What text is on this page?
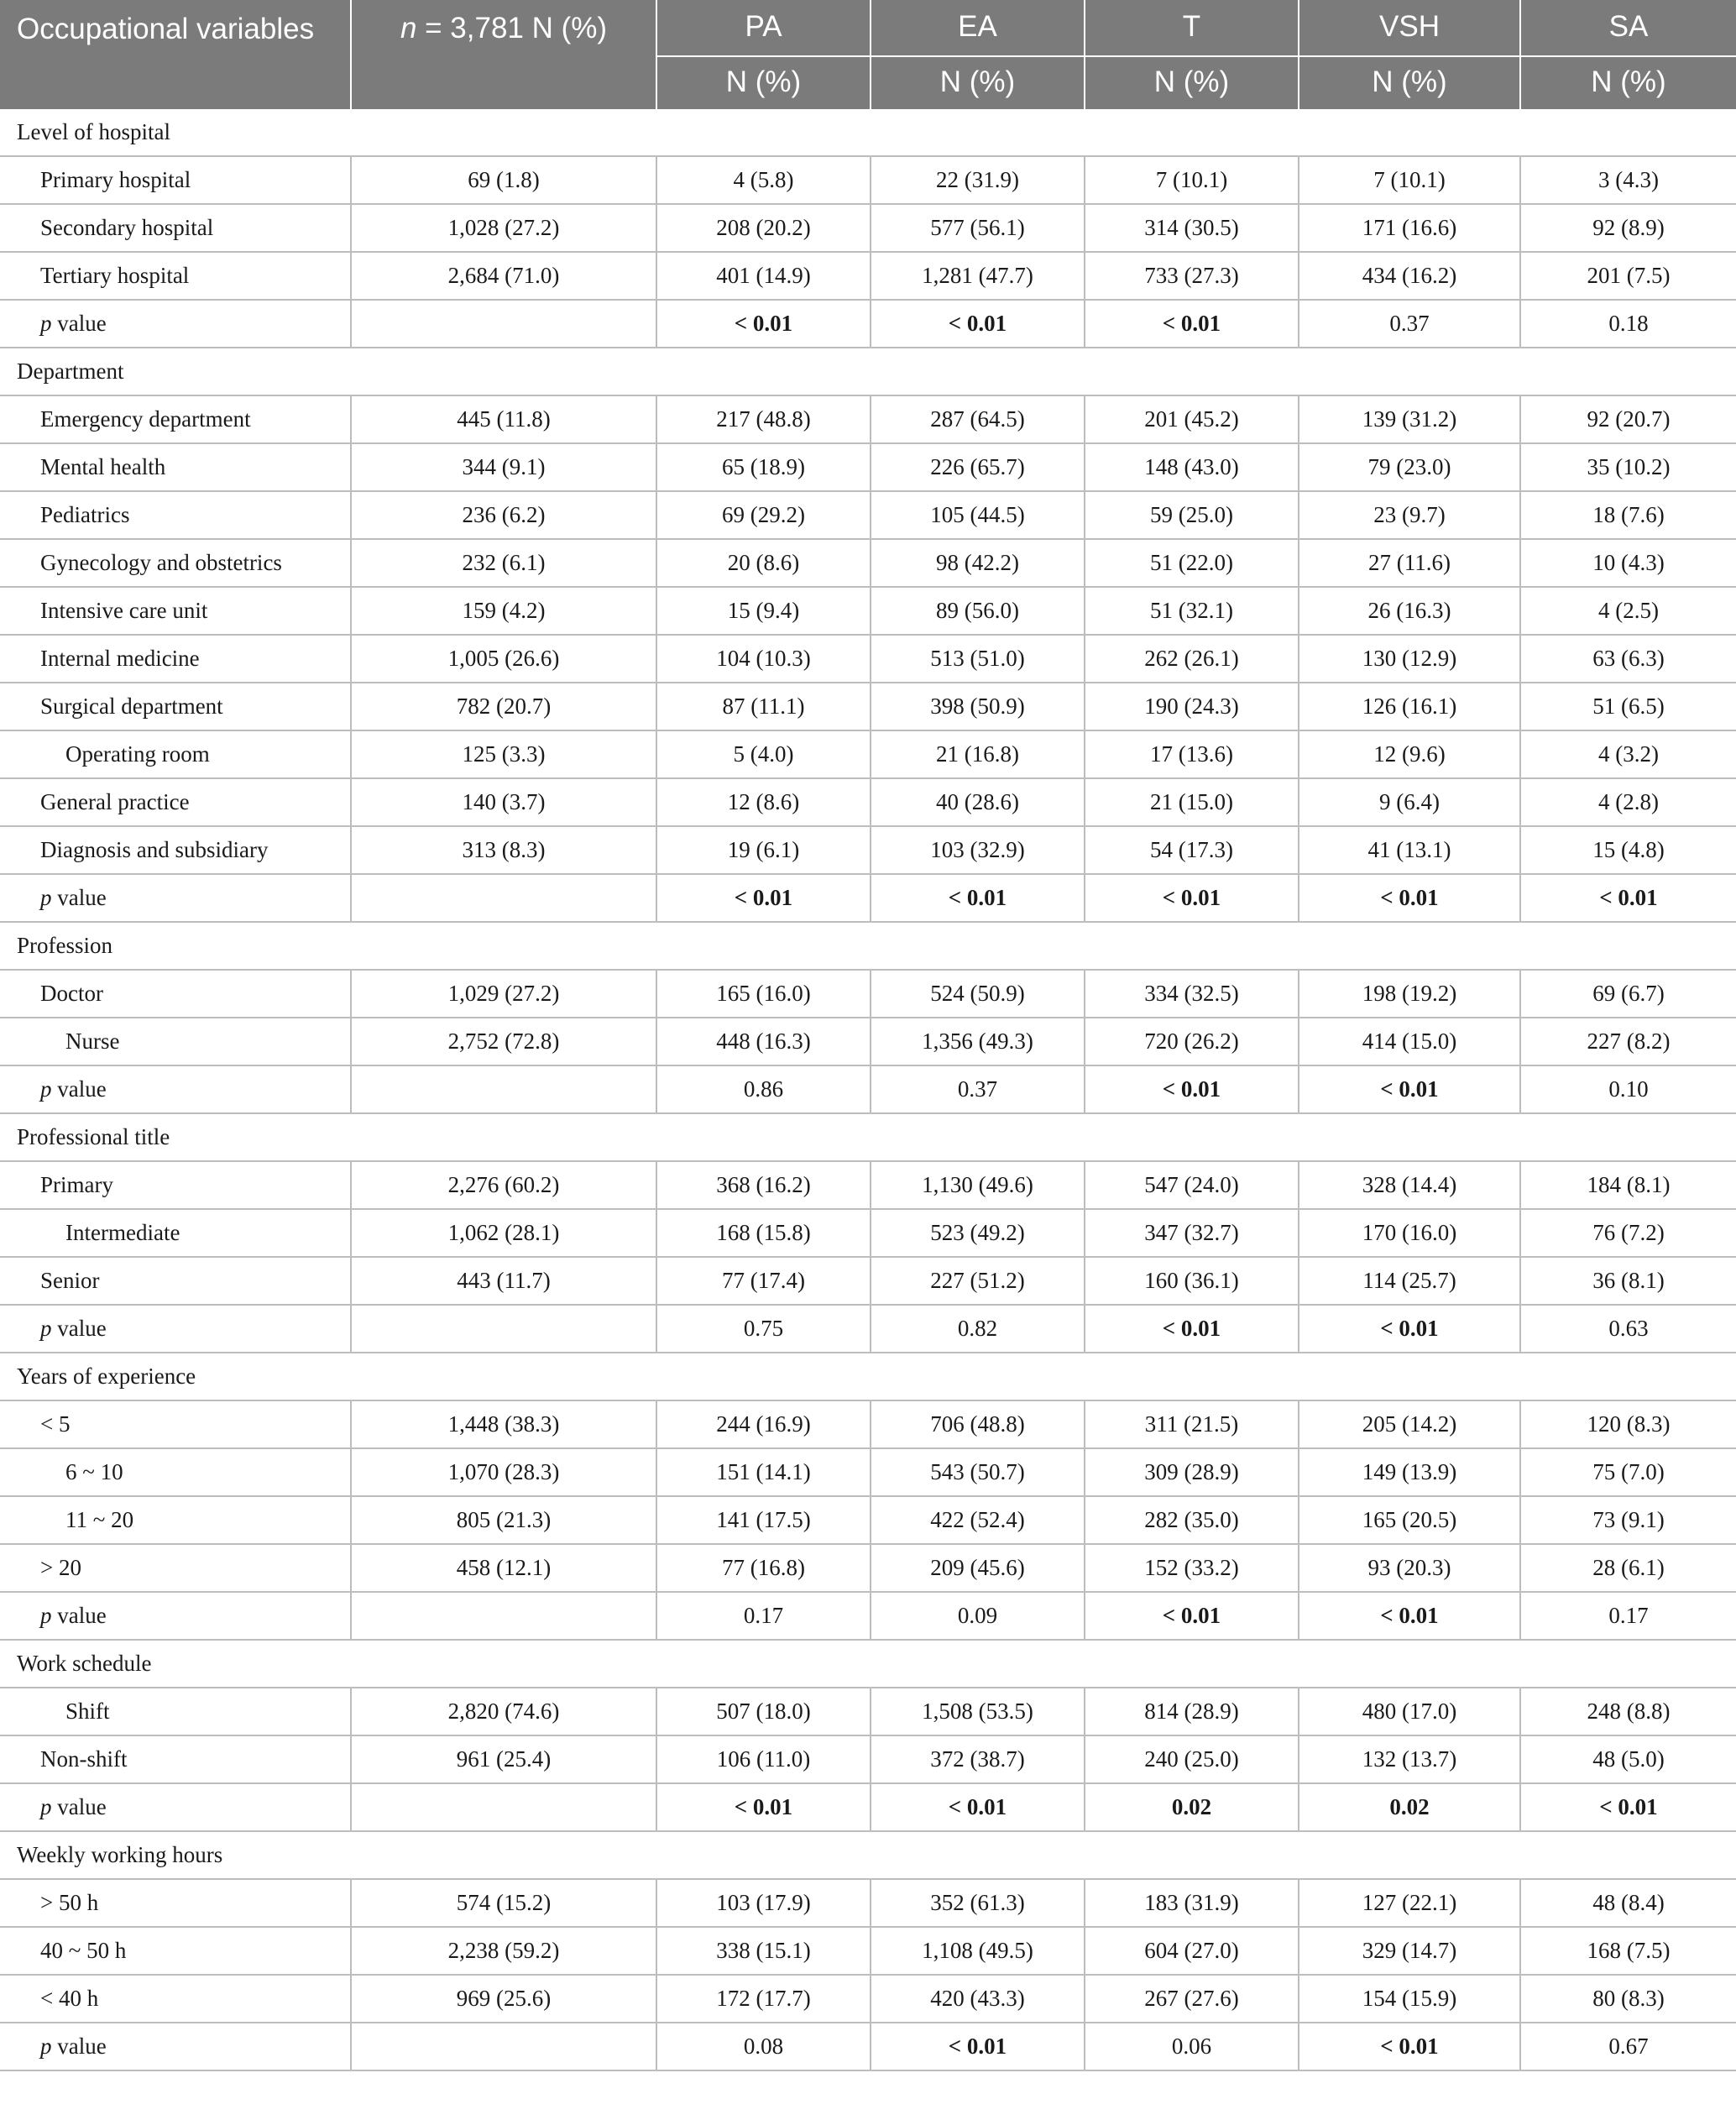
Occupational variables	n = 3,781 N (%)	PA	EA	T	VSH	SA
		N (%)	N (%)	N (%)	N (%)	N (%)
Level of hospital						
Primary hospital	69 (1.8)	4 (5.8)	22 (31.9)	7 (10.1)	7 (10.1)	3 (4.3)
Secondary hospital	1,028 (27.2)	208 (20.2)	577 (56.1)	314 (30.5)	171 (16.6)	92 (8.9)
Tertiary hospital	2,684 (71.0)	401 (14.9)	1,281 (47.7)	733 (27.3)	434 (16.2)	201 (7.5)
p value		< 0.01	< 0.01	< 0.01	0.37	0.18
Department						
Emergency department	445 (11.8)	217 (48.8)	287 (64.5)	201 (45.2)	139 (31.2)	92 (20.7)
Mental health	344 (9.1)	65 (18.9)	226 (65.7)	148 (43.0)	79 (23.0)	35 (10.2)
Pediatrics	236 (6.2)	69 (29.2)	105 (44.5)	59 (25.0)	23 (9.7)	18 (7.6)
Gynecology and obstetrics	232 (6.1)	20 (8.6)	98 (42.2)	51 (22.0)	27 (11.6)	10 (4.3)
Intensive care unit	159 (4.2)	15 (9.4)	89 (56.0)	51 (32.1)	26 (16.3)	4 (2.5)
Internal medicine	1,005 (26.6)	104 (10.3)	513 (51.0)	262 (26.1)	130 (12.9)	63 (6.3)
Surgical department	782 (20.7)	87 (11.1)	398 (50.9)	190 (24.3)	126 (16.1)	51 (6.5)
Operating room	125 (3.3)	5 (4.0)	21 (16.8)	17 (13.6)	12 (9.6)	4 (3.2)
General practice	140 (3.7)	12 (8.6)	40 (28.6)	21 (15.0)	9 (6.4)	4 (2.8)
Diagnosis and subsidiary	313 (8.3)	19 (6.1)	103 (32.9)	54 (17.3)	41 (13.1)	15 (4.8)
p value		< 0.01	< 0.01	< 0.01	< 0.01	< 0.01
Profession						
Doctor	1,029 (27.2)	165 (16.0)	524 (50.9)	334 (32.5)	198 (19.2)	69 (6.7)
Nurse	2,752 (72.8)	448 (16.3)	1,356 (49.3)	720 (26.2)	414 (15.0)	227 (8.2)
p value		0.86	0.37	< 0.01	< 0.01	0.10
Professional title						
Primary	2,276 (60.2)	368 (16.2)	1,130 (49.6)	547 (24.0)	328 (14.4)	184 (8.1)
Intermediate	1,062 (28.1)	168 (15.8)	523 (49.2)	347 (32.7)	170 (16.0)	76 (7.2)
Senior	443 (11.7)	77 (17.4)	227 (51.2)	160 (36.1)	114 (25.7)	36 (8.1)
p value		0.75	0.82	< 0.01	< 0.01	0.63
Years of experience						
< 5	1,448 (38.3)	244 (16.9)	706 (48.8)	311 (21.5)	205 (14.2)	120 (8.3)
6 ~ 10	1,070 (28.3)	151 (14.1)	543 (50.7)	309 (28.9)	149 (13.9)	75 (7.0)
11 ~ 20	805 (21.3)	141 (17.5)	422 (52.4)	282 (35.0)	165 (20.5)	73 (9.1)
> 20	458 (12.1)	77 (16.8)	209 (45.6)	152 (33.2)	93 (20.3)	28 (6.1)
p value		0.17	0.09	< 0.01	< 0.01	0.17
Work schedule						
Shift	2,820 (74.6)	507 (18.0)	1,508 (53.5)	814 (28.9)	480 (17.0)	248 (8.8)
Non-shift	961 (25.4)	106 (11.0)	372 (38.7)	240 (25.0)	132 (13.7)	48 (5.0)
p value		< 0.01	< 0.01	0.02	0.02	< 0.01
Weekly working hours						
> 50 h	574 (15.2)	103 (17.9)	352 (61.3)	183 (31.9)	127 (22.1)	48 (8.4)
40 ~ 50 h	2,238 (59.2)	338 (15.1)	1,108 (49.5)	604 (27.0)	329 (14.7)	168 (7.5)
< 40 h	969 (25.6)	172 (17.7)	420 (43.3)	267 (27.6)	154 (15.9)	80 (8.3)
p value		0.08	< 0.01	0.06	< 0.01	0.67
